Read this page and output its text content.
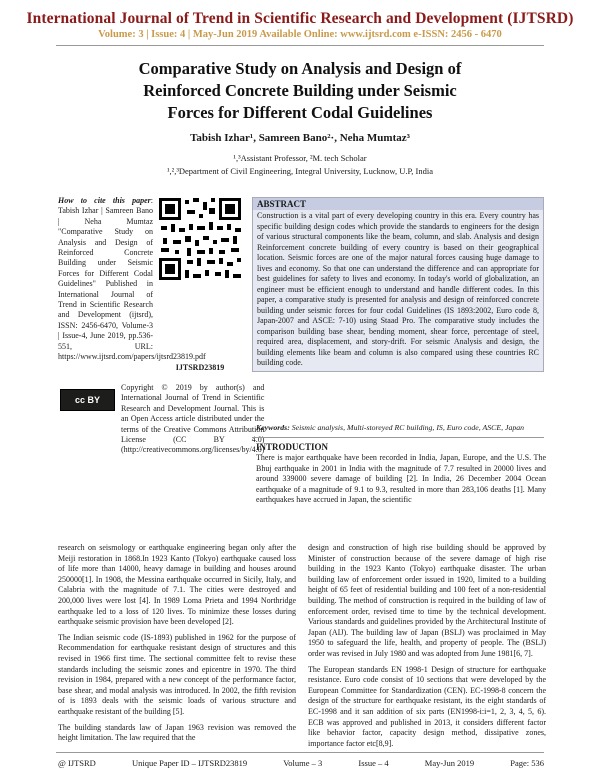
International Journal of Trend in Scientific Research and Development (IJTSRD)
Volume: 3 | Issue: 4 | May-Jun 2019 Available Online: www.ijtsrd.com e-ISSN: 2456 - 6470
Comparative Study on Analysis and Design of
Reinforced Concrete Building under Seismic
Forces for Different Codal Guidelines
Tabish Izhar¹, Samreen Bano²·, Neha Mumtaz³
¹,³Assistant Professor, ²M. tech Scholar
¹,²,³Department of Civil Engineering, Integral University, Lucknow, U.P, India
How to cite this paper: Tabish Izhar | Samreen Bano | Neha Mumtaz "Comparative Study on Analysis and Design of Reinforced Concrete Building under Seismic Forces for Different Codal Guidelines" Published in International Journal of Trend in Scientific Research and Development (ijtsrd), ISSN: 2456-6470, Volume-3 | Issue-4, June 2019, pp.536-551, URL: https://www.ijtsrd.com/papers/ijtsrd23819.pdf
IJTSRD23819
cc BY
Copyright © 2019 by author(s) and International Journal of Trend in Scientific Research and Development Journal. This is an Open Access article distributed under the terms of the Creative Commons Attribution License (CC BY 4.0) (http://creativecommons.org/licenses/by/4.0)
ABSTRACT
Construction is a vital part of every developing country in this era. Every country has specific building design codes which provide the standards to engineers for the design of various structural components like the beam, column, and slab. Analysis and design Reinforcement concrete building of every country is based on their geographical location. Seismic forces are one of the major natural forces causing huge damage to lives and economy. So that one can understand the difference and can appropriate for best guidelines for safety to lives and economy. In today's world of globalization, an engineer must be efficient enough to understand and handle different codes. In this paper, a comparative study is presented for analysis and design of reinforced concrete building under seismic forces for four codal Guidelines (IS 1893:2002, Euro code 8, Japan-2007 and ASCE: 7-10) using Staad Pro. The comparative study includes the comparison building base shear, bending moment, shear force, percentage of steel, required area, displacement, and story-drift. For seismic Analysis and design, the building elements like beam and column is also compared using these countries RC building code.
Keywords: Seismic analysis, Multi-storeyed RC building, IS, Euro code, ASCE, Japan
INTRODUCTION
There is major earthquake have been recorded in India, Japan, Europe, and the U.S. The Bhuj earthquake in 2001 in India with the magnitude of 7.7 resulted in 20000 lives and around 339000 severe damage of building [2]. In India, 26 December 2004 Ocean earthquake of a magnitude of 9.1 to 9.3, resulted in more than 283,106 deaths [1]. Many earthquakes have accrued in Japan, the scientific

research on seismology or earthquake engineering began only after the Meiji restoration in 1868.In 1923 Kanto (Tokyo) earthquake caused loss of life more than 14000, heavy damage in building and houses around 250000[1]. In 1908, the Messina earthquake occurred in Sicily, Italy, and Calabria with the magnitude of 7.1. The cities were destroyed and 200,000 lives were lost [4]. In 1989 Loma Prieta and 1994 Northridge earthquake led to a loss of 120 lives. To minimize these losses during earthquake seismic provision have been developed [2].

The Indian seismic code (IS-1893) published in 1962 for the purpose of Recommendation for earthquake resistant design of structures and this revised in 1966 first time. The sectional committee felt to revise these standards including the seismic zones and epicentre in 1970. The third revision in 1984, prepared with a new concept of the performance factor, base shear, and modal analysis was introduced. In 2002, the fifth revision of is 1893 deals with the seismic loads of various structure and earthquake resistant of the building [5].

The building standards law of Japan 1963 revision was removed the height limitation. The law required that the

design and construction of high rise building should be approved by Minister of construction because of the severe damage of high rise building in the 1923 Kanto (Tokyo) earthquake disaster. The urban building law of enforcement order issued in 1920, limited to a building height of 65 feet of residential building and 100 feet of a non-residential building. The method of construction is required in the building of law of enforcement order, revised time to time by the technical development. Various standards and guidelines provided by the Architectural Institute of Japan (AIJ). The building law of Japan (BSLJ) was proclaimed in May 1950 to safeguard the life, health, and property of people. The (BSLJ) order was revised in July 1980 and was adopted from June 1981[6, 7].

The European standards EN 1998-1 Design of structure for earthquake resistance. Euro code consist of 10 sections that were developed by the European Committee for Standardization (CEN). EC-1998-8 concern the design of the structure for earthquake resistant, its the eight standards of EC-1998 and it san addition of six parts (EN1998-i:i=1, 2, 3, 4, 5, 6). ECB was approved and published in 2013, it considers different factor like behavior factor, capacity design method, dissipative zones, importance factor etc[8,9].

@ IJTSRD	Unique Paper ID – IJTSRD23819	Volume – 3	Issue – 4	May-Jun 2019	Page: 536
